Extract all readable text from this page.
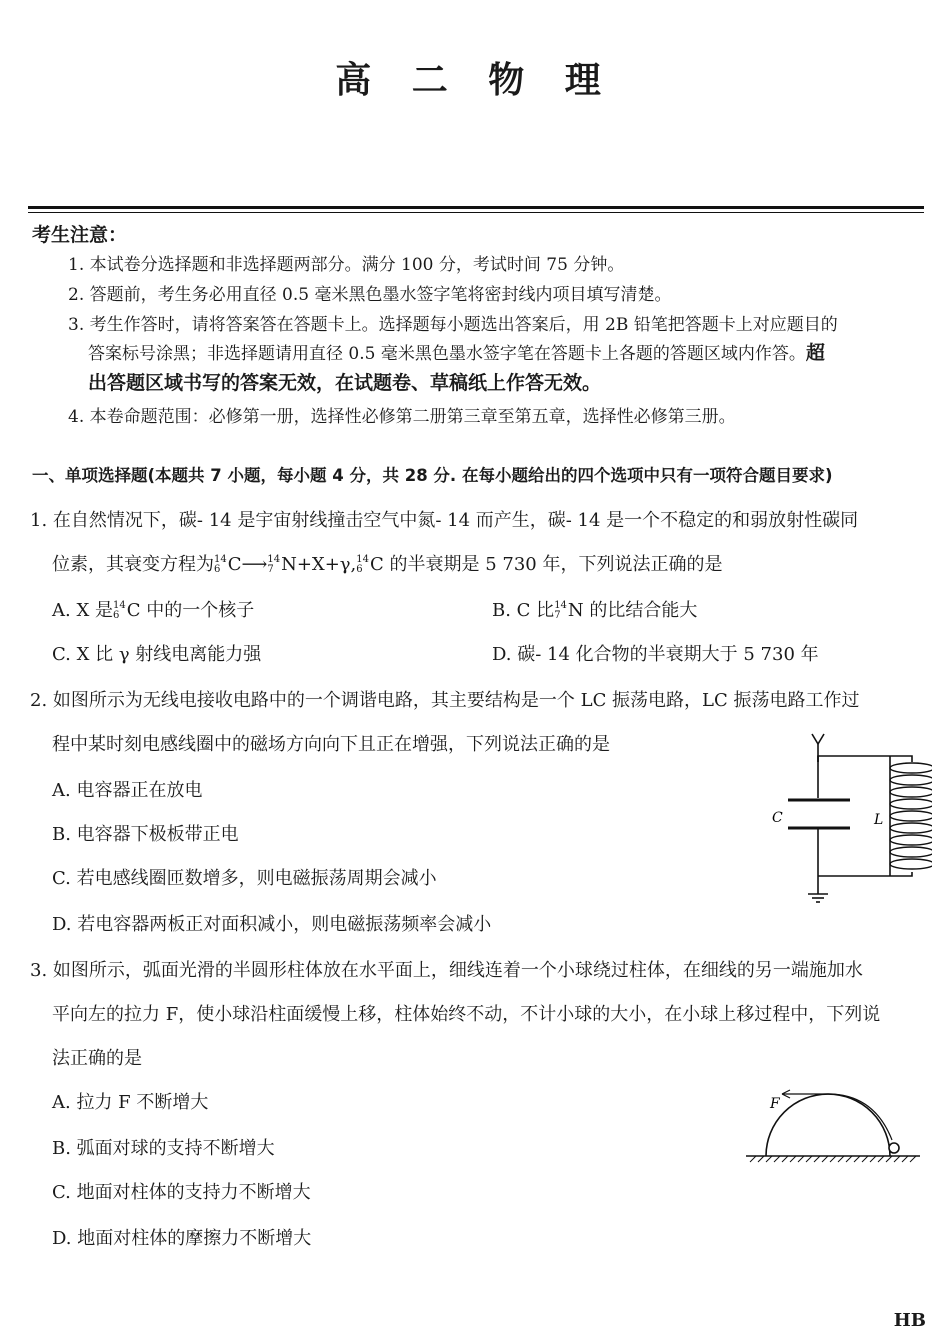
高 二 物 理
考生注意：
1. 本试卷分选择题和非选择题两部分。满分 100 分，考试时间 75 分钟。
2. 答题前，考生务必用直径 0.5 毫米黑色墨水签字笔将密封线内项目填写清楚。
3. 考生作答时，请将答案答在答题卡上。选择题每小题选出答案后，用 2B 铅笔把答题卡上对应题目的
答案标号涂黑；非选择题请用直径 0.5 毫米黑色墨水签字笔在答题卡上各题的答题区域内作答。超
出答题区域书写的答案无效，在试题卷、草稿纸上作答无效。
4. 本卷命题范围：必修第一册，选择性必修第二册第三章至第五章，选择性必修第三册。
一、单项选择题(本题共 7 小题，每小题 4 分，共 28 分. 在每小题给出的四个选项中只有一项符合题目要求)
1. 在自然情况下，碳- 14 是宇宙射线撞击空气中氮- 14 而产生，碳- 14 是一个不稳定的和弱放射性碳同
位素，其衰变方程为 14
6 C⟶ 14
7 N+X+γ, 14
6 C 的半衰期是 5 730 年，下列说法正确的是
A. X 是 14
6 C 中的一个核子	B. C 比 14
7 N 的比结合能大
C. X 比 γ 射线电离能力强	D. 碳- 14 化合物的半衰期大于 5 730 年
2. 如图所示为无线电接收电路中的一个调谐电路，其主要结构是一个 LC 振荡电路，LC 振荡电路工作过
程中某时刻电感线圈中的磁场方向向下且正在增强，下列说法正确的是
A. 电容器正在放电
B. 电容器下极板带正电
C. 若电感线圈匝数增多，则电磁振荡周期会减小
D. 若电容器两板正对面积减小，则电磁振荡频率会减小
C	L
3. 如图所示，弧面光滑的半圆形柱体放在水平面上，细线连着一个小球绕过柱体，在细线的另一端施加水
平向左的拉力 F，使小球沿柱面缓慢上移，柱体始终不动，不计小球的大小，在小球上移过程中，下列说
法正确的是
A. 拉力 F 不断增大
B. 弧面对球的支持不断增大
C. 地面对柱体的支持力不断增大
D. 地面对柱体的摩擦力不断增大
F
HB
